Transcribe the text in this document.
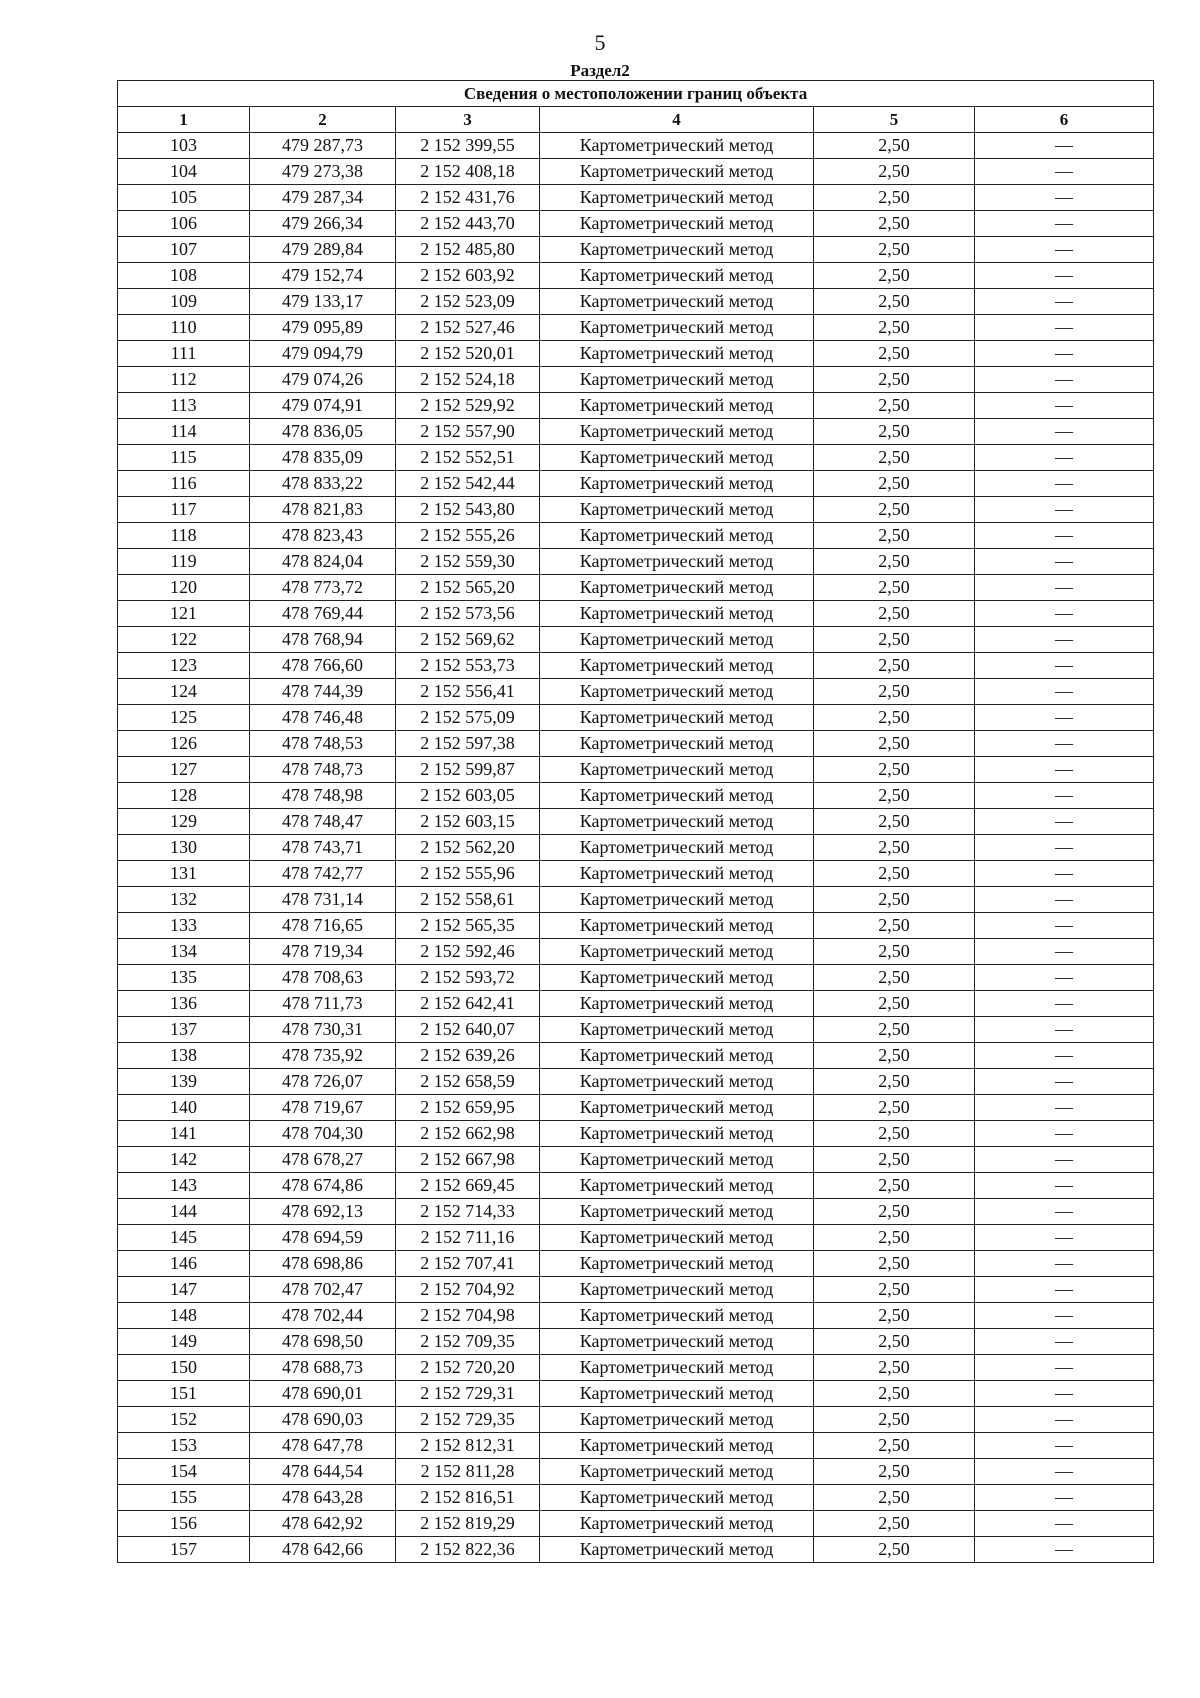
5
Раздел2
Сведения о местоположении границ объекта					
1	2	3	4	5	6
103	479 287,73	2 152 399,55	Картометрический метод	2,50	—
104	479 273,38	2 152 408,18	Картометрический метод	2,50	—
105	479 287,34	2 152 431,76	Картометрический метод	2,50	—
106	479 266,34	2 152 443,70	Картометрический метод	2,50	—
107	479 289,84	2 152 485,80	Картометрический метод	2,50	—
108	479 152,74	2 152 603,92	Картометрический метод	2,50	—
109	479 133,17	2 152 523,09	Картометрический метод	2,50	—
110	479 095,89	2 152 527,46	Картометрический метод	2,50	—
111	479 094,79	2 152 520,01	Картометрический метод	2,50	—
112	479 074,26	2 152 524,18	Картометрический метод	2,50	—
113	479 074,91	2 152 529,92	Картометрический метод	2,50	—
114	478 836,05	2 152 557,90	Картометрический метод	2,50	—
115	478 835,09	2 152 552,51	Картометрический метод	2,50	—
116	478 833,22	2 152 542,44	Картометрический метод	2,50	—
117	478 821,83	2 152 543,80	Картометрический метод	2,50	—
118	478 823,43	2 152 555,26	Картометрический метод	2,50	—
119	478 824,04	2 152 559,30	Картометрический метод	2,50	—
120	478 773,72	2 152 565,20	Картометрический метод	2,50	—
121	478 769,44	2 152 573,56	Картометрический метод	2,50	—
122	478 768,94	2 152 569,62	Картометрический метод	2,50	—
123	478 766,60	2 152 553,73	Картометрический метод	2,50	—
124	478 744,39	2 152 556,41	Картометрический метод	2,50	—
125	478 746,48	2 152 575,09	Картометрический метод	2,50	—
126	478 748,53	2 152 597,38	Картометрический метод	2,50	—
127	478 748,73	2 152 599,87	Картометрический метод	2,50	—
128	478 748,98	2 152 603,05	Картометрический метод	2,50	—
129	478 748,47	2 152 603,15	Картометрический метод	2,50	—
130	478 743,71	2 152 562,20	Картометрический метод	2,50	—
131	478 742,77	2 152 555,96	Картометрический метод	2,50	—
132	478 731,14	2 152 558,61	Картометрический метод	2,50	—
133	478 716,65	2 152 565,35	Картометрический метод	2,50	—
134	478 719,34	2 152 592,46	Картометрический метод	2,50	—
135	478 708,63	2 152 593,72	Картометрический метод	2,50	—
136	478 711,73	2 152 642,41	Картометрический метод	2,50	—
137	478 730,31	2 152 640,07	Картометрический метод	2,50	—
138	478 735,92	2 152 639,26	Картометрический метод	2,50	—
139	478 726,07	2 152 658,59	Картометрический метод	2,50	—
140	478 719,67	2 152 659,95	Картометрический метод	2,50	—
141	478 704,30	2 152 662,98	Картометрический метод	2,50	—
142	478 678,27	2 152 667,98	Картометрический метод	2,50	—
143	478 674,86	2 152 669,45	Картометрический метод	2,50	—
144	478 692,13	2 152 714,33	Картометрический метод	2,50	—
145	478 694,59	2 152 711,16	Картометрический метод	2,50	—
146	478 698,86	2 152 707,41	Картометрический метод	2,50	—
147	478 702,47	2 152 704,92	Картометрический метод	2,50	—
148	478 702,44	2 152 704,98	Картометрический метод	2,50	—
149	478 698,50	2 152 709,35	Картометрический метод	2,50	—
150	478 688,73	2 152 720,20	Картометрический метод	2,50	—
151	478 690,01	2 152 729,31	Картометрический метод	2,50	—
152	478 690,03	2 152 729,35	Картометрический метод	2,50	—
153	478 647,78	2 152 812,31	Картометрический метод	2,50	—
154	478 644,54	2 152 811,28	Картометрический метод	2,50	—
155	478 643,28	2 152 816,51	Картометрический метод	2,50	—
156	478 642,92	2 152 819,29	Картометрический метод	2,50	—
157	478 642,66	2 152 822,36	Картометрический метод	2,50	—
